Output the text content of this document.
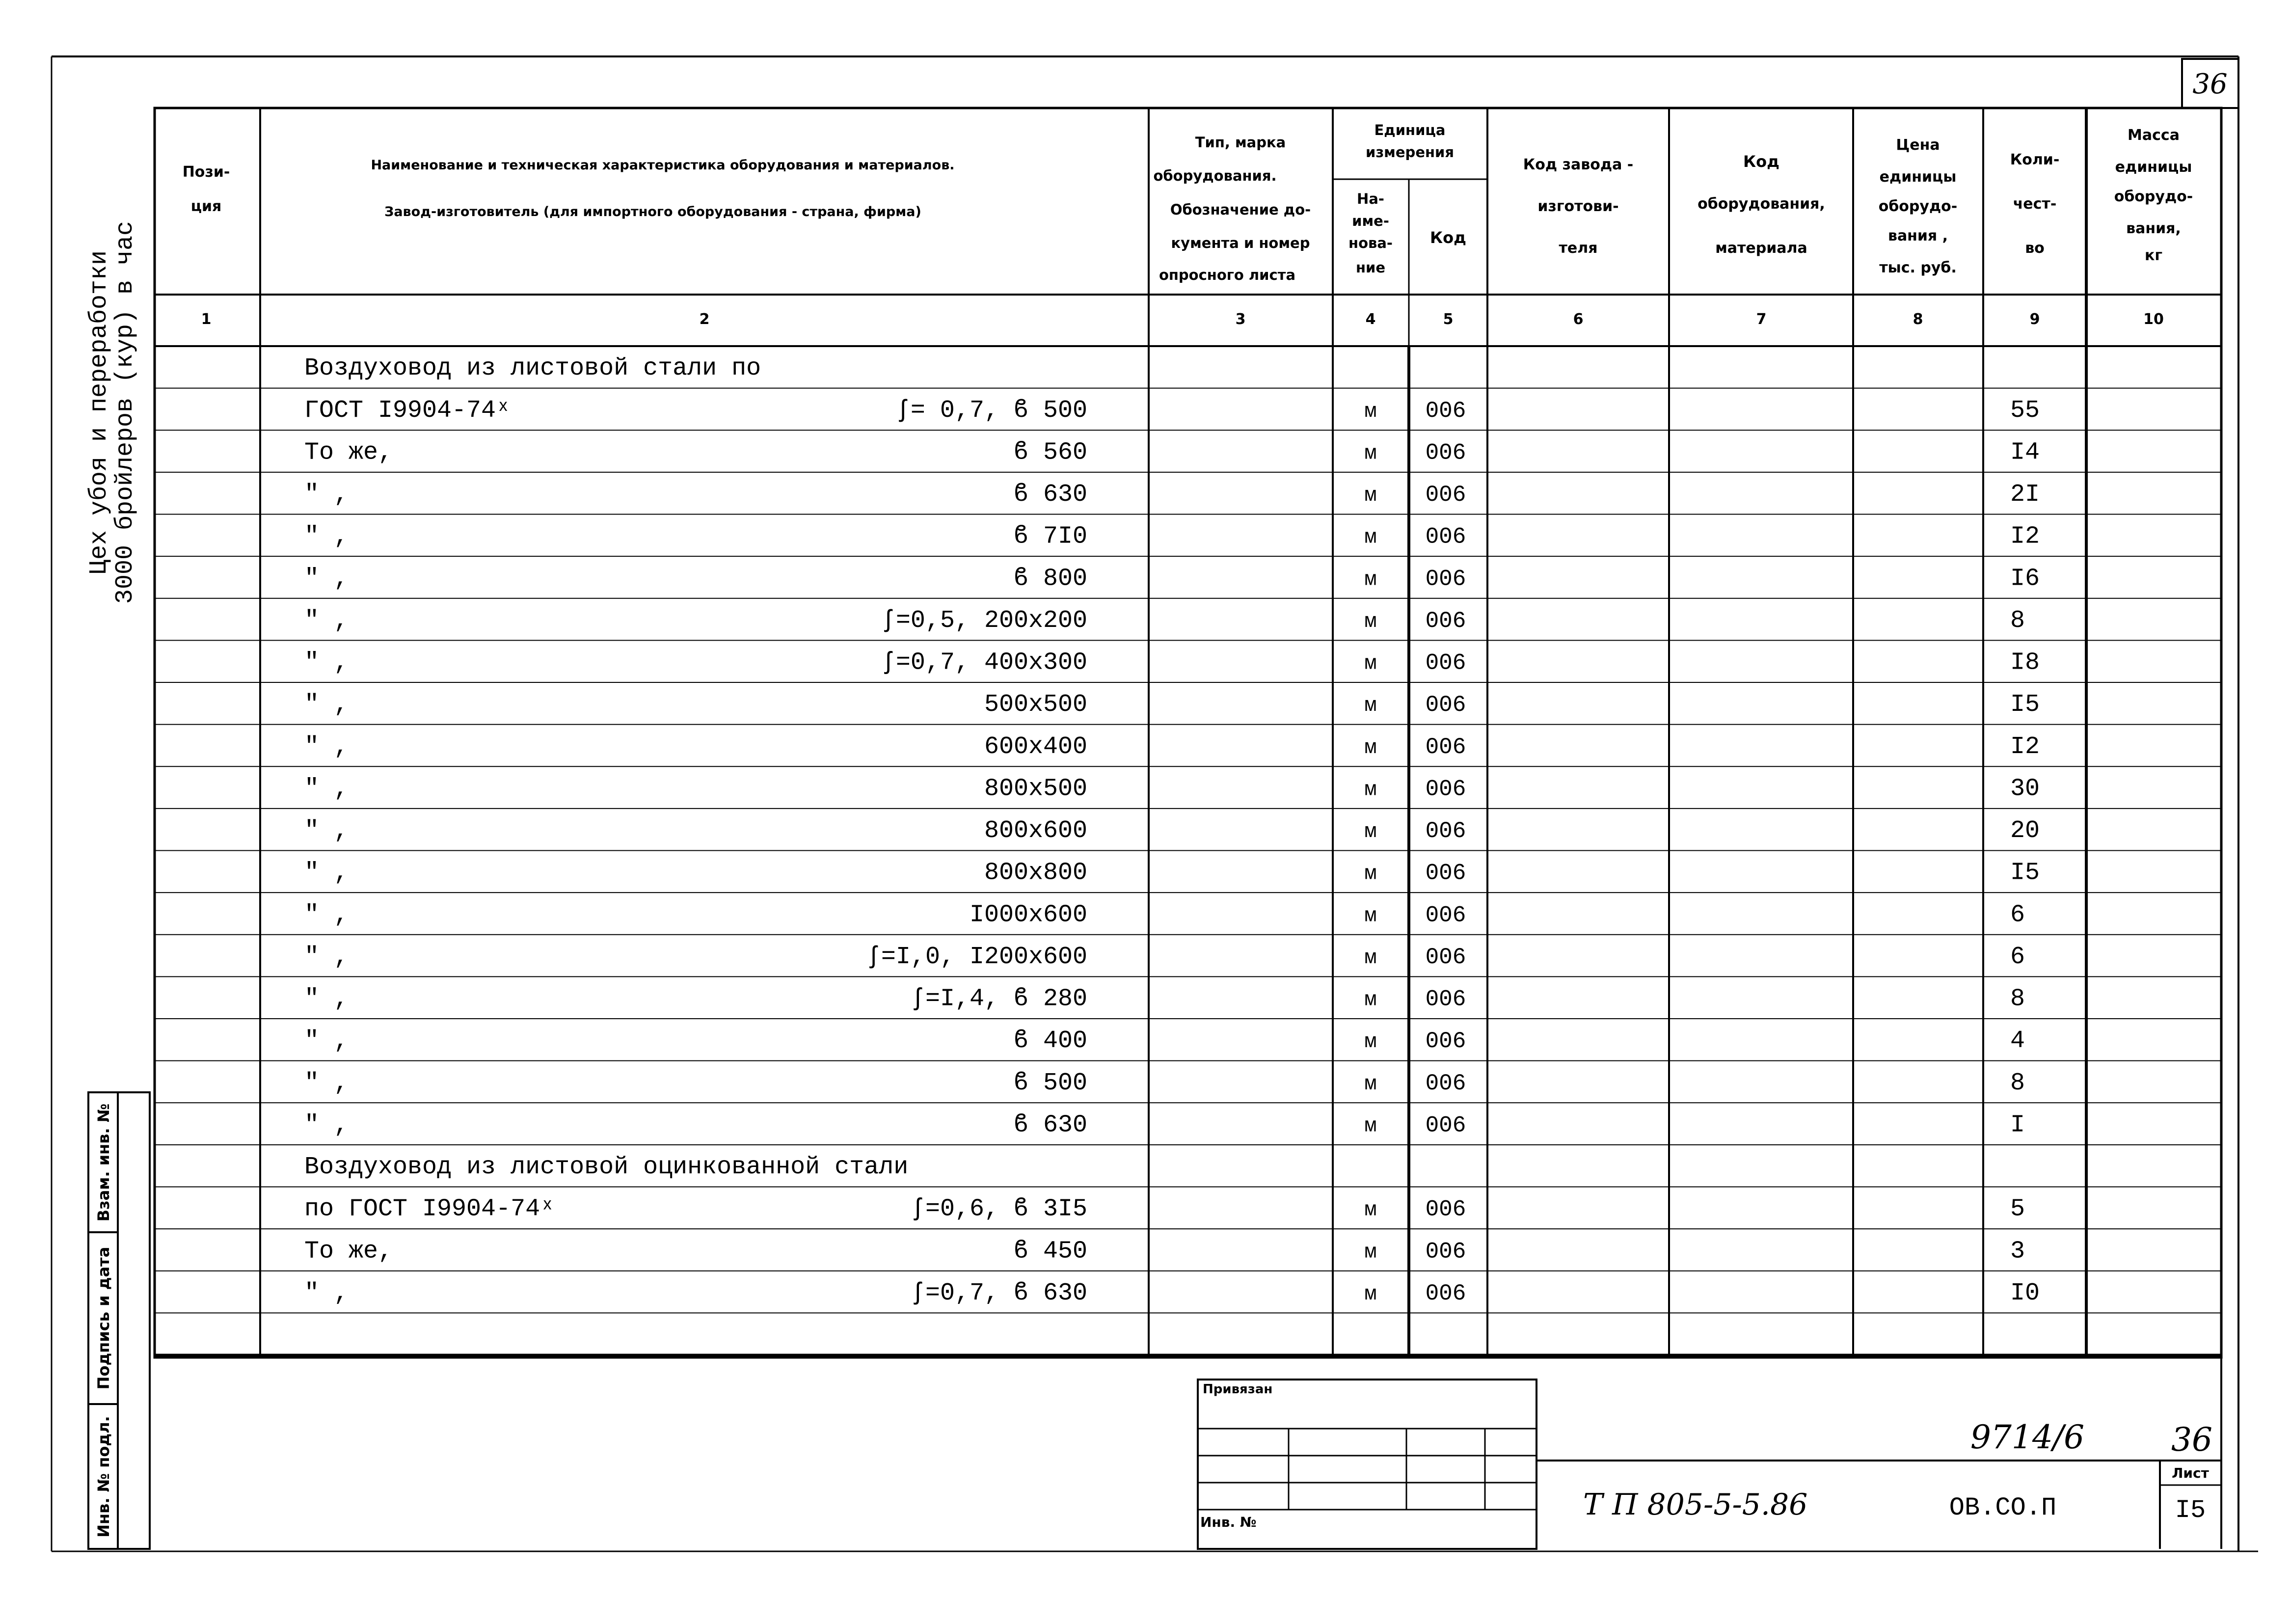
36
Цех убоя и переработки
3000 бройлеров (кур) в час
Инв. № подл.
Подпись и дата
Взам. инв. №
Пози-
ция
Наименование и техническая характеристика оборудования и материалов.
Завод-изготовитель (для импортного оборудования - страна, фирма)
Тип, марка
оборудования.
Обозначение до-
кумента и номер
опросного листа
Единица
измерения
На-
име-
нова-
ние
Код
Код завода -
изготови-
теля
Код
оборудования,
материала
Цена
единицы
оборудо-
вания ,
тыс. руб.
Коли-
чест-
во
Масса
единицы
оборудо-
вания,
кг
1	2	3	4	5	6	7	8	9	10
Воздуховод из листовой стали по
ГОСТ I9904-74ˣ	ʃ= 0,7, ϐ 500	м 006	55
То же,	ϐ 560	м 006	I4
" ,	ϐ 630	м 006	2I
" ,	ϐ 7I0	м 006	I2
" ,	ϐ 800	м 006	I6
" ,	ʃ=0,5, 200x200	м 006	8
" ,	ʃ=0,7, 400x300	м 006	I8
" ,	500x500	м 006	I5
" ,	600x400	м 006	I2
" ,	800x500	м 006	30
" ,	800x600	м 006	20
" ,	800x800	м 006	I5
" ,	I000x600	м 006	6
" ,	ʃ=I,0, I200x600	м 006	6
" ,	ʃ=I,4, ϐ 280	м 006	8
" ,	ϐ 400	м 006	4
" ,	ϐ 500	м 006	8
" ,	ϐ 630	м 006	I
Воздуховод из листовой оцинкованной стали
по ГОСТ I9904-74ˣ	ʃ=0,6, ϐ 3I5	м 006	5
То же,	ϐ 450	м 006	3
" ,	ʃ=0,7, ϐ 630	м 006	I0
Привязан
Инв. №
9714/6	36
Т П 805-5-5.86	ОВ.СО.П
Лист
I5
